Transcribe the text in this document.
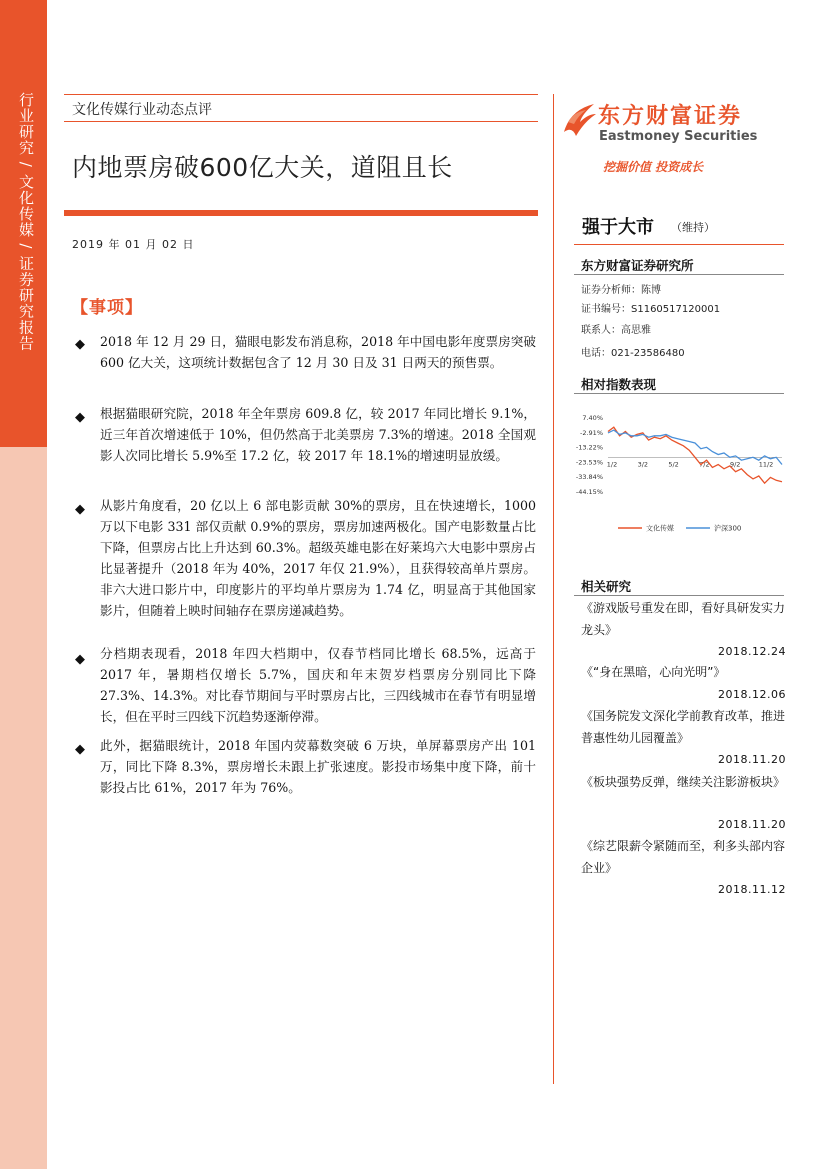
行业研究 / 文化传媒 / 证券研究报告	文化传媒行业动态点评
内地票房破600亿大关，道阻且长
2019 年 01 月 02 日
【事项】
◆ 2018 年 12 月 29 日，猫眼电影发布消息称，2018 年中国电影年度票房突破 600 亿大关，这项统计数据包含了 12 月 30 日及 31 日两天的预售票。

◆ 根据猫眼研究院，2018 年全年票房 609.8 亿，较 2017 年同比增长 9.1%，近三年首次增速低于 10%，但仍然高于北美票房 7.3%的增速。2018 全国观影人次同比增长 5.9%至 17.2 亿，较 2017 年 18.1%的增速明显放缓。

◆ 从影片角度看，20 亿以上 6 部电影贡献 30%的票房，且在快速增长，1000 万以下电影 331 部仅贡献 0.9%的票房，票房加速两极化。国产电影数量占比下降，但票房占比上升达到 60.3%。超级英雄电影在好莱坞六大电影中票房占比显著提升（2018 年为 40%，2017 年仅 21.9%），且获得较高单片票房。非六大进口影片中，印度影片的平均单片票房为 1.74 亿，明显高于其他国家影片，但随着上映时间轴存在票房递减趋势。

◆ 分档期表现看，2018 年四大档期中，仅春节档同比增长 68.5%，远高于 2017 年，暑期档仅增长 5.7%，国庆和年末贺岁档票房分别同比下降 27.3%、14.3%。对比春节期间与平时票房占比，三四线城市在春节有明显增长，但在平时三四线下沉趋势逐渐停滞。

◆ 此外，据猫眼统计，2018 年国内荧幕数突破 6 万块，单屏幕票房产出 101 万，同比下降 8.3%，票房增长未跟上扩张速度。影投市场集中度下降，前十影投占比 61%，2017 年为 76%。

东方财富证券
Eastmoney Securities
挖掘价值 投资成长
强于大市 （维持）
东方财富证券研究所
证券分析师：陈博
证书编号：S1160517120001
联系人：高思雅
电话：021-23586480
相对指数表现
7.40%
-2.91%
-13.22%
-23.53%
-33.84%
-44.15%
1/2	3/2	5/2	7/2	9/2	11/2
文化传媒	沪深300
相关研究
《游戏版号重发在即，看好具研发实力龙头》
2018.12.24
《“身在黑暗，心向光明”》
2018.12.06
《国务院发文深化学前教育改革，推进普惠性幼儿园覆盖》
2018.11.20
《板块强势反弹，继续关注影游板块》
2018.11.20
《综艺限薪令紧随而至，利多头部内容企业》
2018.11.12
